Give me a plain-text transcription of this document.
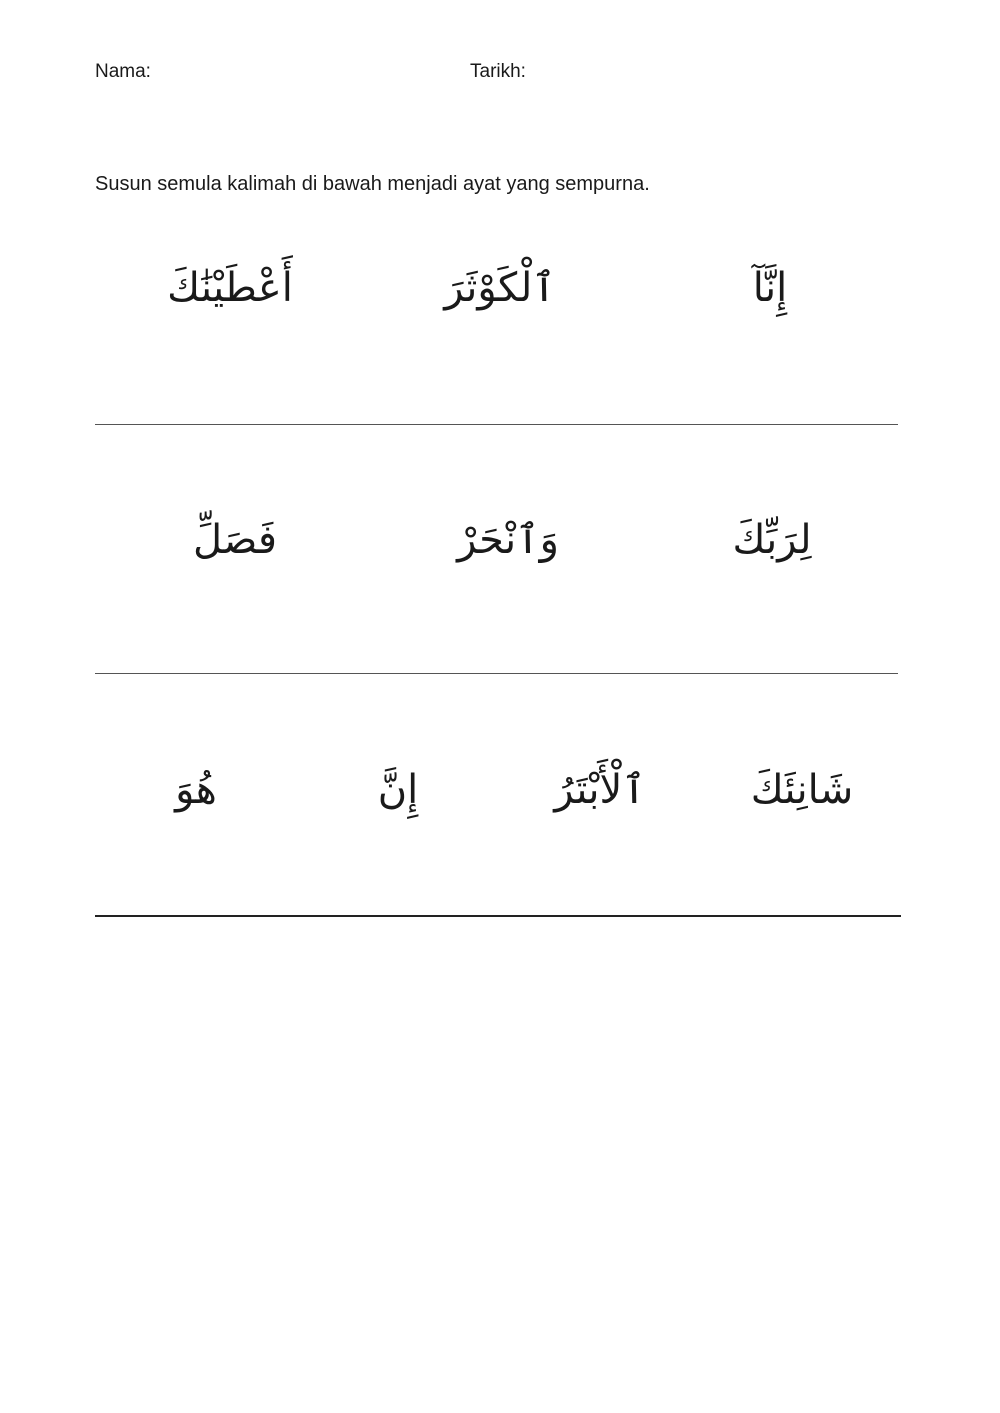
Nama:	Tarikh:
Susun semula kalimah di bawah menjadi ayat yang sempurna.
إِنَّآ
ٱلْكَوْثَرَ
أَعْطَيْنَٰكَ
لِرَبِّكَ
وَٱنْحَرْ
فَصَلِّ
شَانِئَكَ
ٱلْأَبْتَرُ
إِنَّ
هُوَ
